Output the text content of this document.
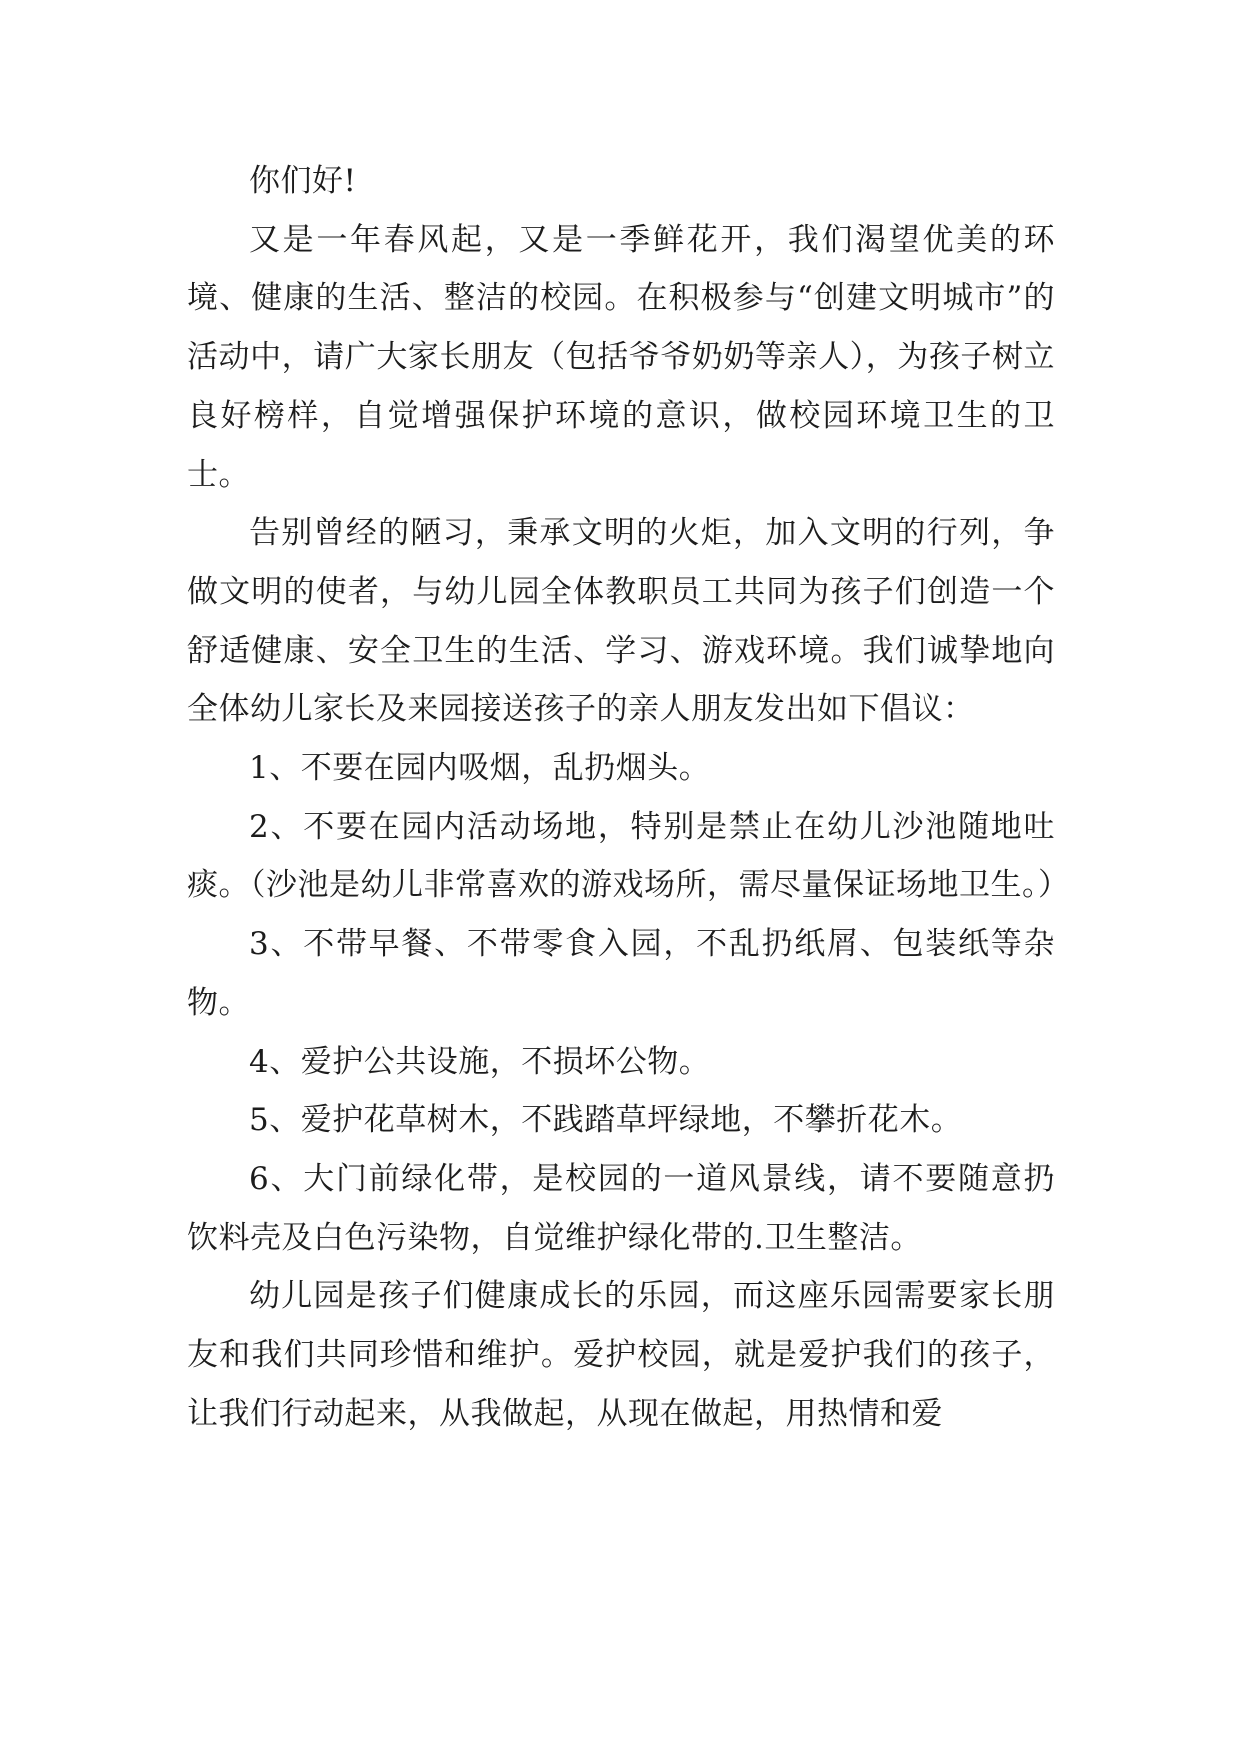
你们好!

又是一年春风起，又是一季鲜花开，我们渴望优美的环境、健康的生活、整洁的校园。在积极参与“创建文明城市”的活动中，请广大家长朋友（包括爷爷奶奶等亲人），为孩子树立良好榜样，自觉增强保护环境的意识，做校园环境卫生的卫士。

告别曾经的陋习，秉承文明的火炬，加入文明的行列，争做文明的使者，与幼儿园全体教职员工共同为孩子们创造一个舒适健康、安全卫生的生活、学习、游戏环境。我们诚挚地向全体幼儿家长及来园接送孩子的亲人朋友发出如下倡议：

1、不要在园内吸烟，乱扔烟头。

2、不要在园内活动场地，特别是禁止在幼儿沙池随地吐痰。（沙池是幼儿非常喜欢的游戏场所，需尽量保证场地卫生。）

3、不带早餐、不带零食入园，不乱扔纸屑、包装纸等杂物。

4、爱护公共设施，不损坏公物。

5、爱护花草树木，不践踏草坪绿地，不攀折花木。

6、大门前绿化带，是校园的一道风景线，请不要随意扔饮料壳及白色污染物，自觉维护绿化带的.卫生整洁。

幼儿园是孩子们健康成长的乐园，而这座乐园需要家长朋友和我们共同珍惜和维护。爱护校园，就是爱护我们的孩子，让我们行动起来，从我做起，从现在做起，用热情和爱
